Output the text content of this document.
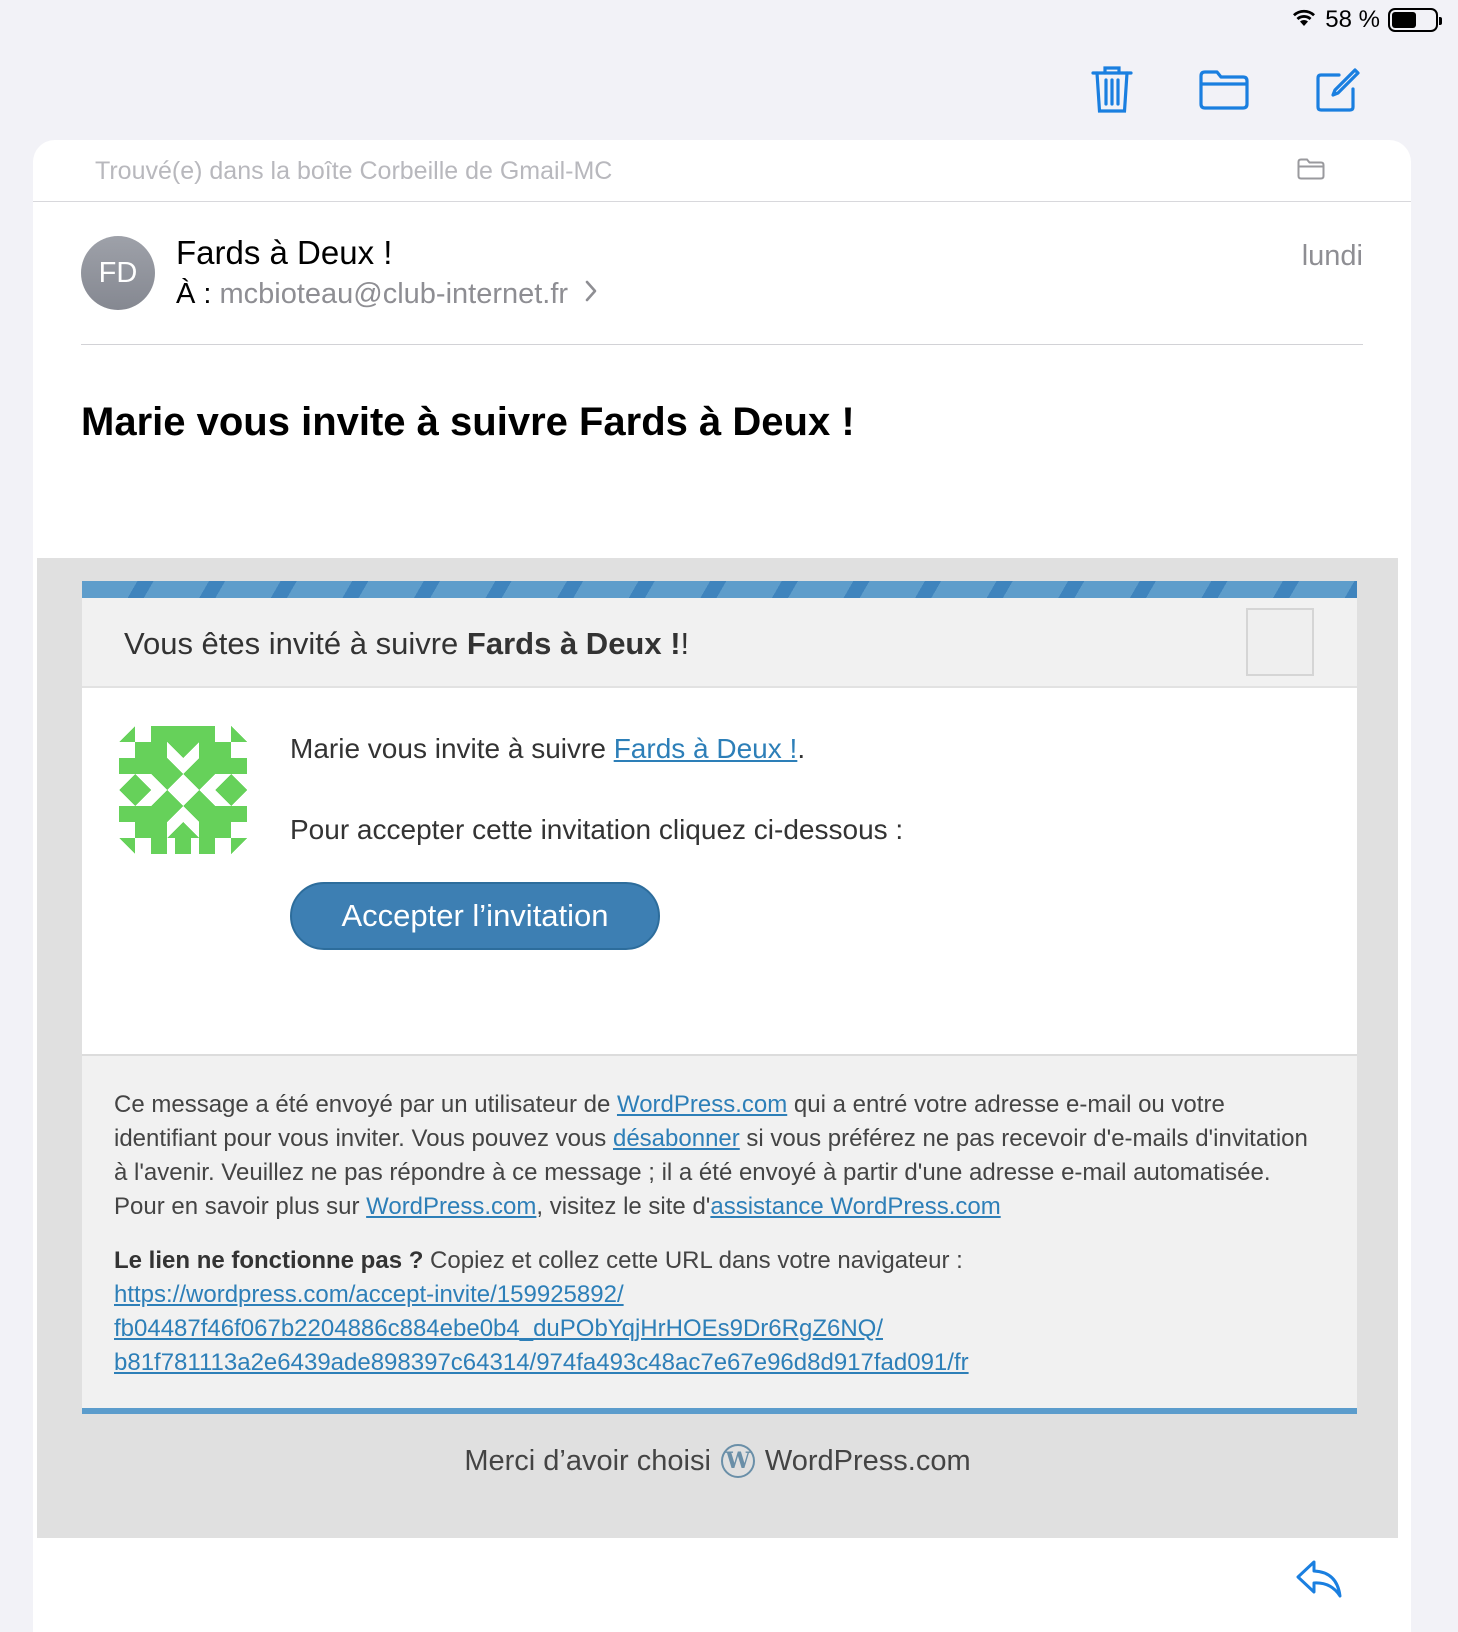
58 %
Trouvé(e) dans la boîte Corbeille de Gmail-MC
FD
Fards à Deux !
À : mcbioteau@club-internet.fr
lundi
Marie vous invite à suivre Fards à Deux !
Vous êtes invité à suivre Fards à Deux !!
Marie vous invite à suivre Fards à Deux !.
Pour accepter cette invitation cliquez ci-dessous :
Accepter l’invitation

Ce message a été envoyé par un utilisateur de WordPress.com qui a entré votre adresse e-mail ou votre identifiant pour vous inviter. Vous pouvez vous désabonner si vous préférez ne pas recevoir d'e-mails d'invitation à l'avenir. Veuillez ne pas répondre à ce message ; il a été envoyé à partir d'une adresse e-mail automatisée. Pour en savoir plus sur WordPress.com, visitez le site d'assistance WordPress.com

Le lien ne fonctionne pas ? Copiez et collez cette URL dans votre navigateur :
https://wordpress.com/accept-invite/159925892/
fb04487f46f067b2204886c884ebe0b4_duPObYqjHrHOEs9Dr6RgZ6NQ/
b81f781113a2e6439ade898397c64314/974fa493c48ac7e67e96d8d917fad091/fr

Merci d’avoir choisi W WordPress.com
